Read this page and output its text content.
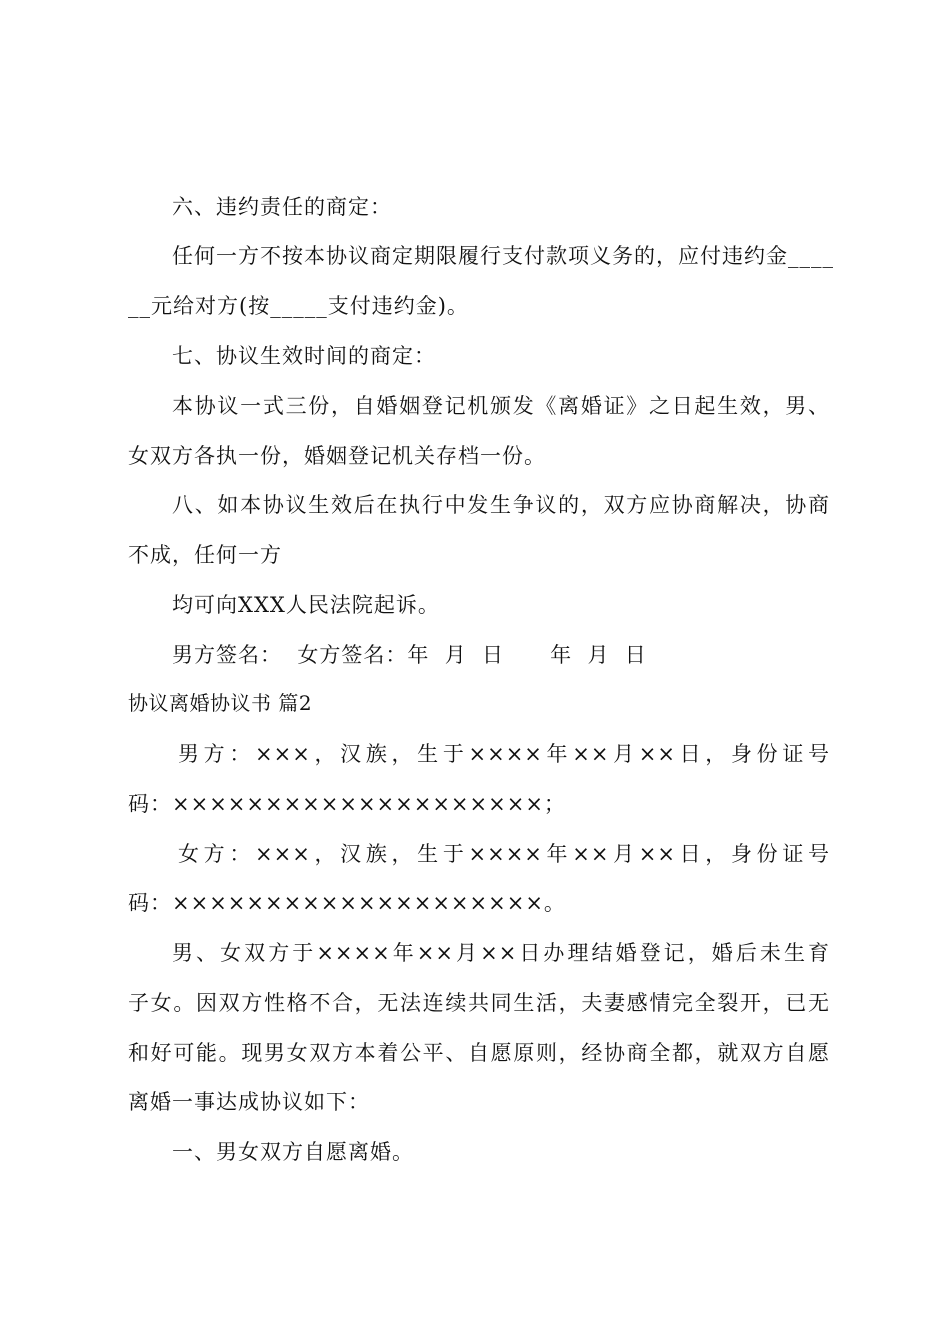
六、违约责任的商定：
任何一方不按本协议商定期限履行支付款项义务的，应付违约金____
__元给对方(按_____支付违约金)。
七、协议生效时间的商定：
本协议一式三份，自婚姻登记机颁发《离婚证》之日起生效，男、
女双方各执一份，婚姻登记机关存档一份。
八、如本协议生效后在执行中发生争议的，双方应协商解决，协商
不成，任何一方
均可向XXX人民法院起诉。
男方签名：  女方签名：年  月  日      年  月  日
协议离婚协议书 篇2
男方：×××，汉族，生于××××年××月××日，身份证号
码：××××××××××××××××××××；
女方：×××，汉族，生于××××年××月××日，身份证号
码：××××××××××××××××××××。
男、女双方于××××年××月××日办理结婚登记，婚后未生育
子女。因双方性格不合，无法连续共同生活，夫妻感情完全裂开，已无
和好可能。现男女双方本着公平、自愿原则，经协商全都，就双方自愿
离婚一事达成协议如下：
一、男女双方自愿离婚。
